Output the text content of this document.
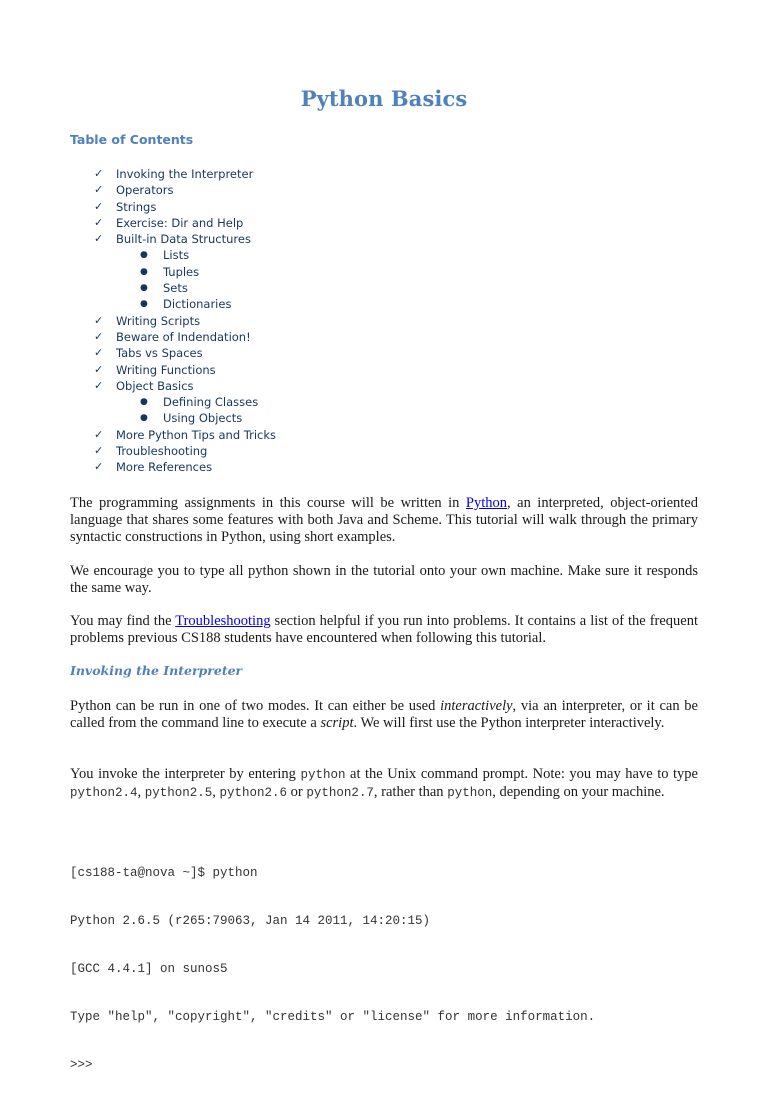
Python Basics
Table of Contents
✓ Invoking the Interpreter
✓ Operators
✓ Strings
✓ Exercise: Dir and Help
✓ Built-in Data Structures
● Lists
● Tuples
● Sets
● Dictionaries
✓ Writing Scripts
✓ Beware of Indendation!
✓ Tabs vs Spaces
✓ Writing Functions
✓ Object Basics
● Defining Classes
● Using Objects
✓ More Python Tips and Tricks
✓ Troubleshooting
✓ More References

The programming assignments in this course will be written in Python, an interpreted, object-oriented language that shares some features with both Java and Scheme. This tutorial will walk through the primary syntactic constructions in Python, using short examples.

We encourage you to type all python shown in the tutorial onto your own machine. Make sure it responds the same way.

You may find the Troubleshooting section helpful if you run into problems. It contains a list of the frequent problems previous CS188 students have encountered when following this tutorial.

Invoking the Interpreter

Python can be run in one of two modes. It can either be used interactively, via an interpreter, or it can be called from the command line to execute a script. We will first use the Python interpreter interactively.

You invoke the interpreter by entering python at the Unix command prompt. Note: you may have to type python2.4, python2.5, python2.6 or python2.7, rather than python, depending on your machine.

[cs188-ta@nova ~]$ python

Python 2.6.5 (r265:79063, Jan 14 2011, 14:20:15)

[GCC 4.4.1] on sunos5

Type "help", "copyright", "credits" or "license" for more information.

>>>
